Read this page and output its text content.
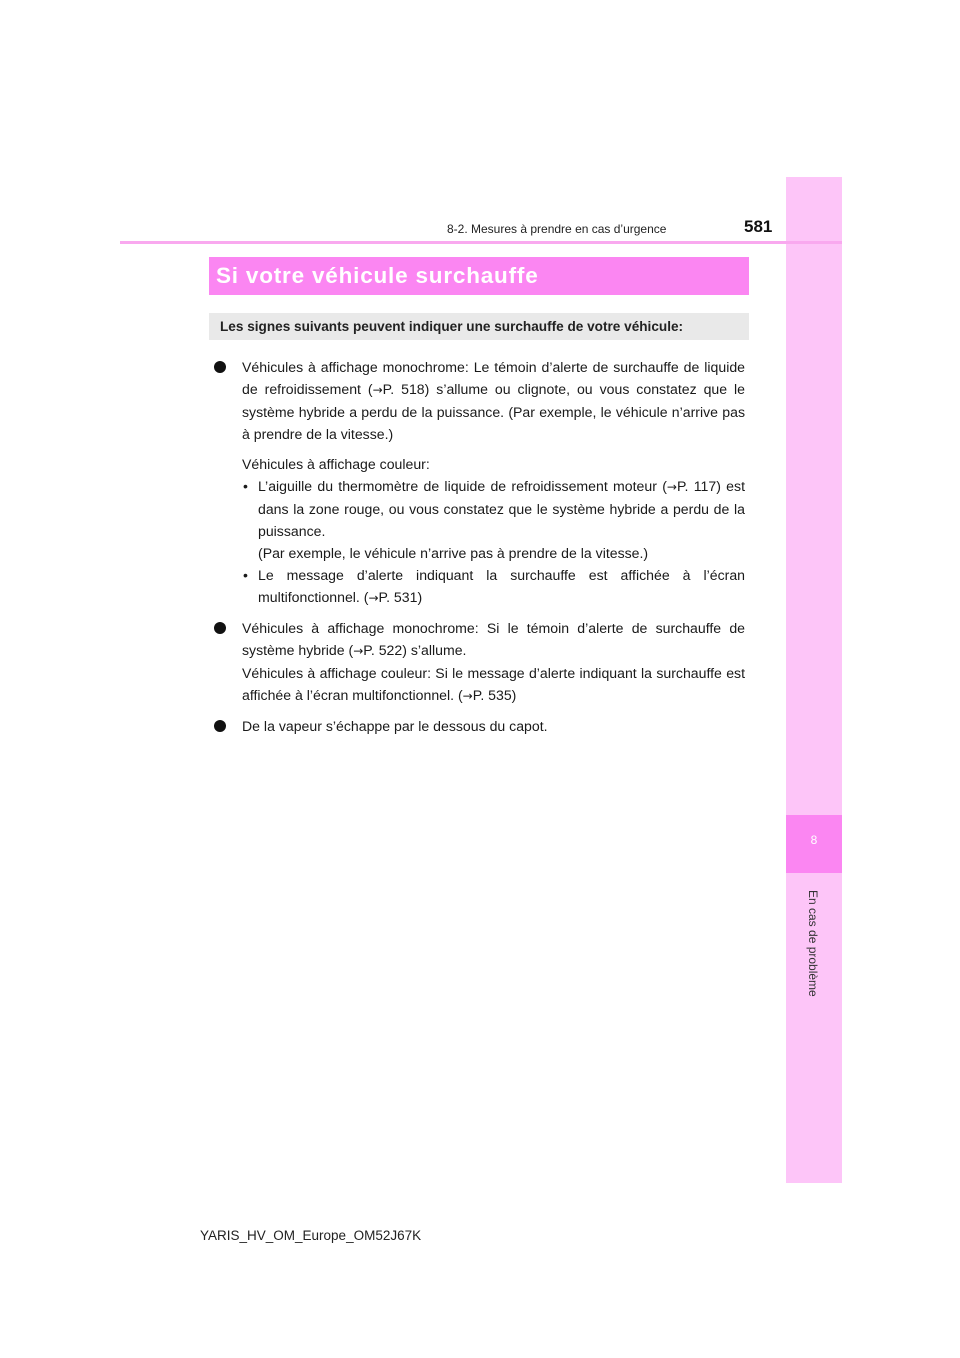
8
En cas de problème
8-2. Mesures à prendre en cas d’urgence	581
Si votre véhicule surchauffe
Les signes suivants peuvent indiquer une surchauffe de votre véhicule:

Véhicules à affichage monochrome: Le témoin d’alerte de surchauffe de liquide de refroidissement (→P. 518) s’allume ou clignote, ou vous constatez que le système hybride a perdu de la puissance. (Par exemple, le véhicule n’arrive pas à prendre de la vitesse.)

Véhicules à affichage couleur:

• L’aiguille du thermomètre de liquide de refroidissement moteur (→P. 117) est dans la zone rouge, ou vous constatez que le système hybride a perdu de la puissance.

(Par exemple, le véhicule n’arrive pas à prendre de la vitesse.)

• Le message d’alerte indiquant la surchauffe est affichée à l’écran multifonctionnel. (→P. 531)

Véhicules à affichage monochrome: Si le témoin d’alerte de surchauffe de système hybride (→P. 522) s’allume.

Véhicules à affichage couleur: Si le message d’alerte indiquant la surchauffe est affichée à l’écran multifonctionnel. (→P. 535)

De la vapeur s’échappe par le dessous du capot.

YARIS_HV_OM_Europe_OM52J67K
